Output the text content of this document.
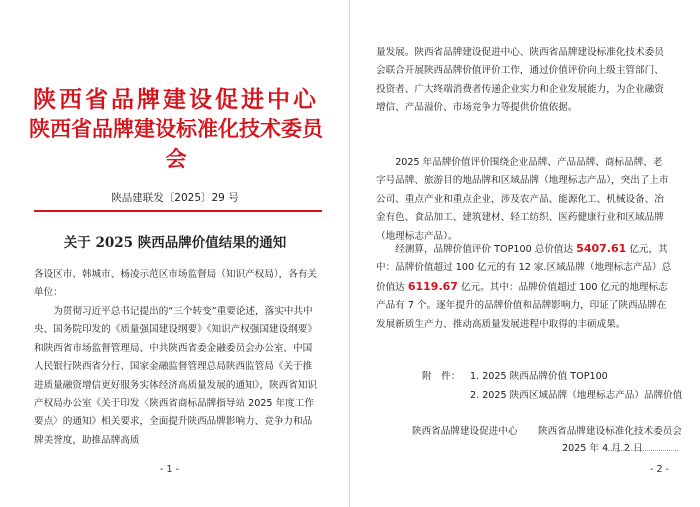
陕西省品牌建设促进中心
陕西省品牌建设标准化技术委员会
陕品建联发〔2025〕29 号
关于 2025 陕西品牌价值结果的通知

各设区市、韩城市、杨凌示范区市场监督局（知识产权局），各有关单位：

为贯彻习近平总书记提出的“三个转变”重要论述，落实中共中央、国务院印发的《质量强国建设纲要》《知识产权强国建设纲要》和陕西省市场监督管理局、中共陕西省委金融委员会办公室、中国人民银行陕西省分行、国家金融监督管理总局陕西监管局《关于推进质量融资增信更好服务实体经济高质量发展的通知》，陕西省知识产权局办公室《关于印发〈陕西省商标品牌指导站 2025 年度工作要点〉的通知》相关要求，全面提升陕西品牌影响力、竞争力和品牌美誉度，助推品牌高质

- 1 -

量发展。陕西省品牌建设促进中心、陕西省品牌建设标准化技术委员会联合开展陕西品牌价值评价工作，通过价值评价向上级主管部门、投资者、广大终端消费者传递企业实力和企业发展能力，为企业融资增信、产品溢价、市场竞争力等提供价值依据。

2025 年品牌价值评价围绕企业品牌、产品品牌、商标品牌、老字号品牌、旅游目的地品牌和区域品牌（地理标志产品），突出了上市公司、重点产业和重点企业，涉及农产品、能源化工、机械设备、冶金有色、食品加工、建筑建材、轻工纺织、医药健康行业和区域品牌（地理标志产品）。

经测算，品牌价值评价 TOP100 总价值达 5407.61 亿元，其中：品牌价值超过 100 亿元的有 12 家.区域品牌（地理标志产品）总价值达 6119.67 亿元。其中：品牌价值超过 100 亿元的地理标志产品有 7 个。逐年提升的品牌价值和品牌影响力，印证了陕西品牌在发展新质生产力、推动高质量发展进程中取得的丰硕成果。

附　件： 1. 2025 陕西品牌价值 TOP100
2. 2025 陕西区域品牌（地理标志产品）品牌价值
陕西省品牌建设促进中心 陕西省品牌建设标准化技术委员会
2025 年 4 月 2 日
- 2 -
